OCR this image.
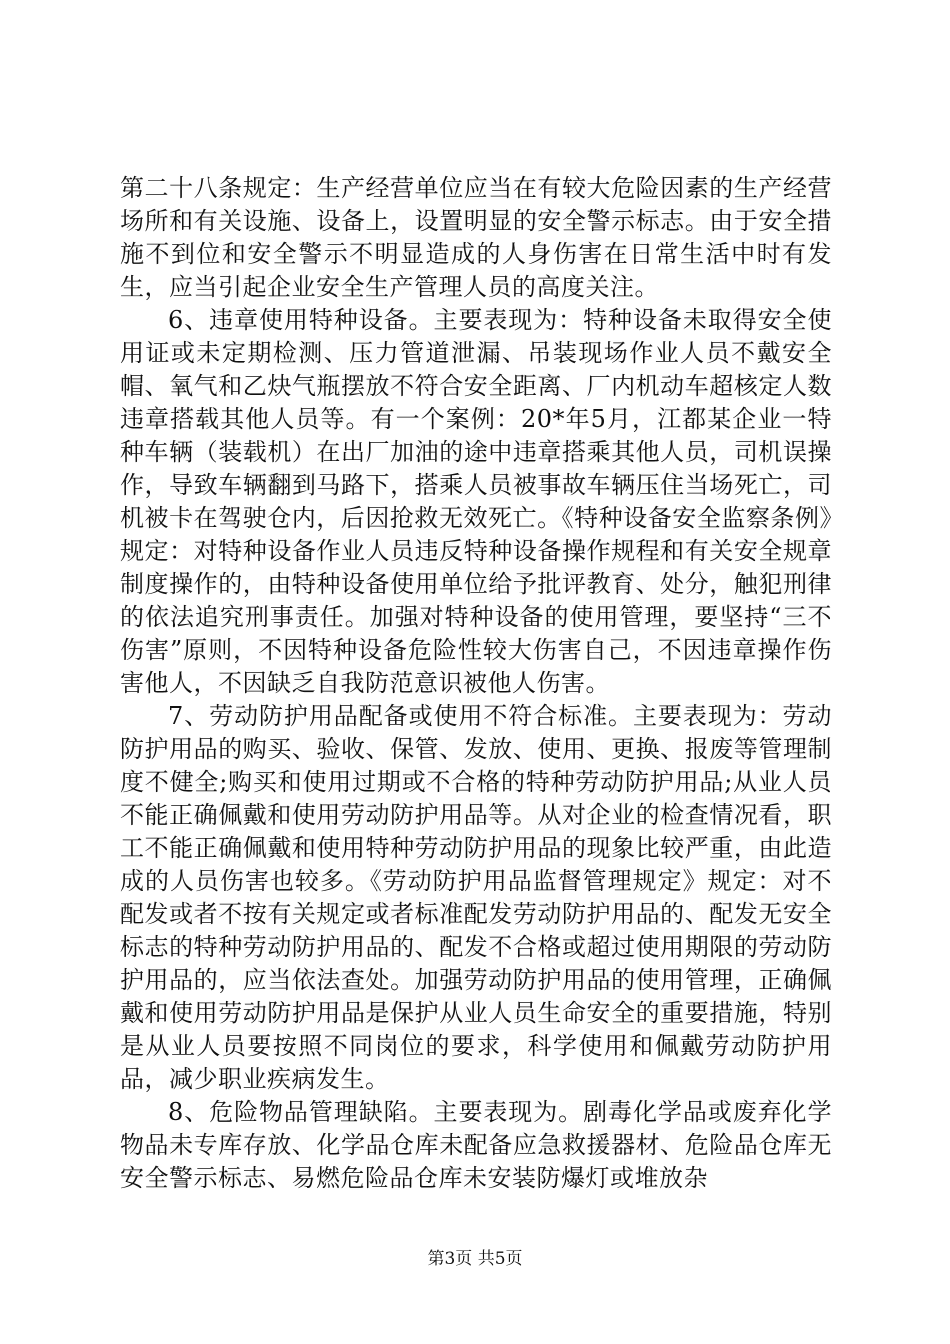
第二十八条规定：生产经营单位应当在有较大危险因素的生产经营场所和有关设施、设备上，设置明显的安全警示标志。由于安全措施不到位和安全警示不明显造成的人身伤害在日常生活中时有发生，应当引起企业安全生产管理人员的高度关注。

6、违章使用特种设备。主要表现为：特种设备未取得安全使用证或未定期检测、压力管道泄漏、吊装现场作业人员不戴安全帽、氧气和乙炔气瓶摆放不符合安全距离、厂内机动车超核定人数违章搭载其他人员等。有一个案例：20*年5月，江都某企业一特种车辆（装载机）在出厂加油的途中违章搭乘其他人员，司机误操作，导致车辆翻到马路下，搭乘人员被事故车辆压住当场死亡，司机被卡在驾驶仓内，后因抢救无效死亡。《特种设备安全监察条例》规定：对特种设备作业人员违反特种设备操作规程和有关安全规章制度操作的，由特种设备使用单位给予批评教育、处分，触犯刑律的依法追究刑事责任。加强对特种设备的使用管理，要坚持“三不伤害”原则，不因特种设备危险性较大伤害自己，不因违章操作伤害他人，不因缺乏自我防范意识被他人伤害。

7、劳动防护用品配备或使用不符合标准。主要表现为：劳动防护用品的购买、验收、保管、发放、使用、更换、报废等管理制度不健全;购买和使用过期或不合格的特种劳动防护用品;从业人员不能正确佩戴和使用劳动防护用品等。从对企业的检查情况看，职工不能正确佩戴和使用特种劳动防护用品的现象比较严重，由此造成的人员伤害也较多。《劳动防护用品监督管理规定》规定：对不配发或者不按有关规定或者标准配发劳动防护用品的、配发无安全标志的特种劳动防护用品的、配发不合格或超过使用期限的劳动防护用品的，应当依法查处。加强劳动防护用品的使用管理，正确佩戴和使用劳动防护用品是保护从业人员生命安全的重要措施，特别是从业人员要按照不同岗位的要求，科学使用和佩戴劳动防护用品，减少职业疾病发生。

8、危险物品管理缺陷。主要表现为。剧毒化学品或废弃化学物品未专库存放、化学品仓库未配备应急救援器材、危险品仓库无安全警示标志、易燃危险品仓库未安装防爆灯或堆放杂

第3页 共5页
